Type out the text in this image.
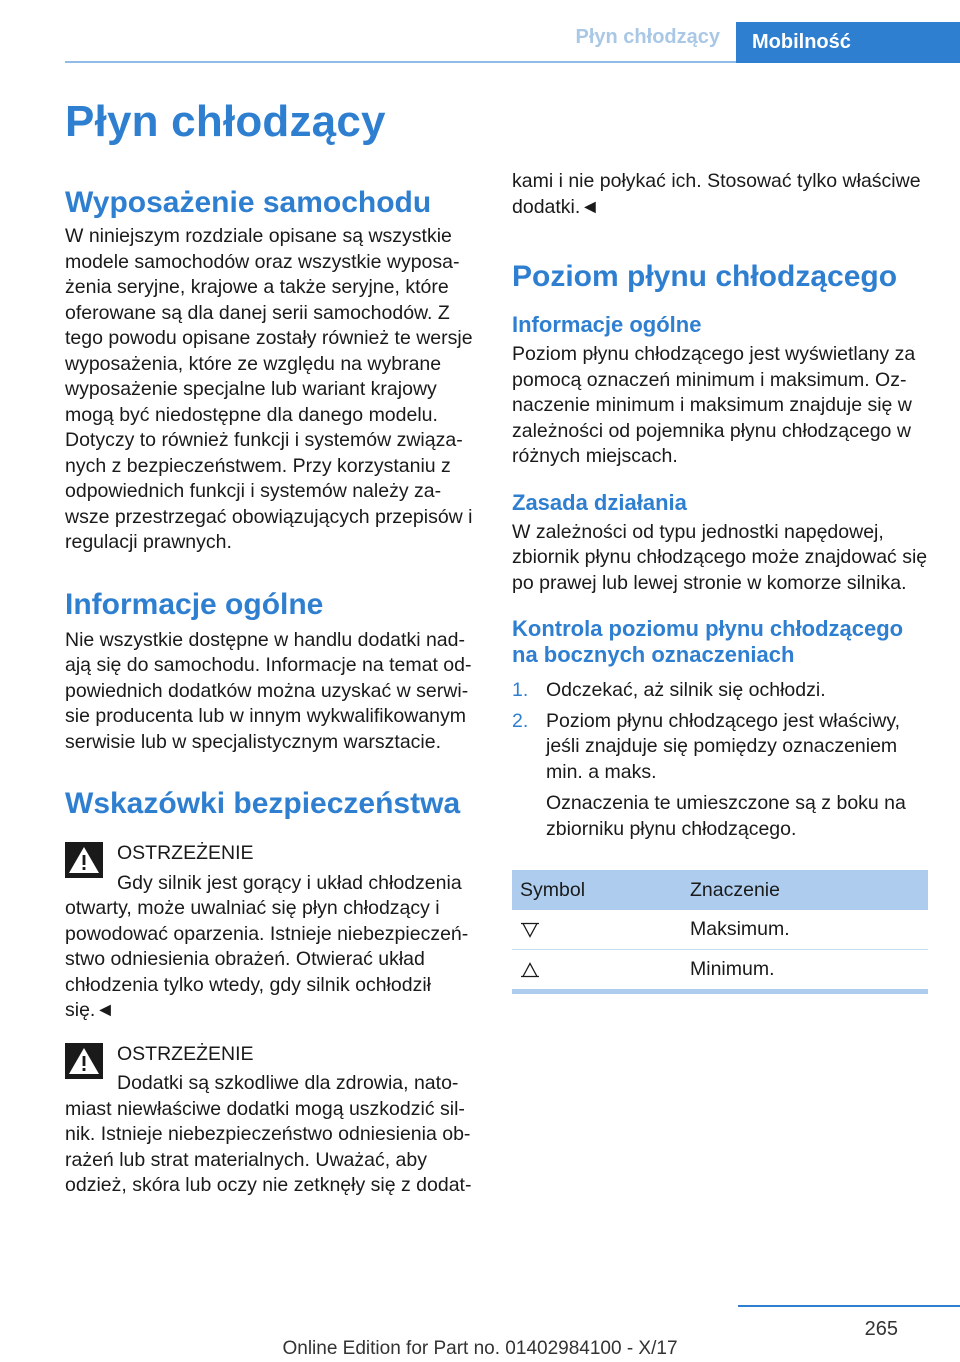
Płyn chłodzący	Mobilność
Płyn chłodzący
Wyposażenie samochodu

W niniejszym rozdziale opisane są wszystkie modele samochodów oraz wszystkie wyposażenia seryjne, krajowe a także seryjne, które oferowane są dla danej serii samochodów. Z tego powodu opisane zostały również te wersje wyposażenia, które ze względu na wybrane wyposażenie specjalne lub wariant krajowy mogą być niedostępne dla danego modelu. Dotyczy to również funkcji i systemów związanych z bezpieczeństwem. Przy korzystaniu z odpowiednich funkcji i systemów należy zawsze przestrzegać obowiązujących przepisów i regulacji prawnych.

Informacje ogólne

Nie wszystkie dostępne w handlu dodatki nadają się do samochodu. Informacje na temat odpowiednich dodatków można uzyskać w serwisie producenta lub w innym wykwalifikowanym serwisie lub w specjalistycznym warsztacie.

Wskazówki bezpieczeństwa
OSTRZEŻENIE

Gdy silnik jest gorący i układ chłodzenia otwarty, może uwalniać się płyn chłodzący i powodować oparzenia. Istnieje niebezpieczeństwo odniesienia obrażeń. Otwierać układ chłodzenia tylko wtedy, gdy silnik ochłodził się.◄

OSTRZEŻENIE

Dodatki są szkodliwe dla zdrowia, natomiast niewłaściwe dodatki mogą uszkodzić silnik. Istnieje niebezpieczeństwo odniesienia obrażeń lub strat materialnych. Uważać, aby odzież, skóra lub oczy nie zetknęły się z dodat-

kami i nie połykać ich. Stosować tylko właściwe dodatki.◄

Poziom płynu chłodzącego
Informacje ogólne

Poziom płynu chłodzącego jest wyświetlany za pomocą oznaczeń minimum i maksimum. Oznaczenie minimum i maksimum znajduje się w zależności od pojemnika płynu chłodzącego w różnych miejscach.

Zasada działania

W zależności od typu jednostki napędowej, zbiornik płynu chłodzącego może znajdować się po prawej lub lewej stronie w komorze silnika.

Kontrola poziomu płynu chłodzącego na bocznych oznaczeniach
1. Odczekać, aż silnik się ochłodzi.
2. Poziom płynu chłodzącego jest właściwy, jeśli znajduje się pomiędzy oznaczeniem min. a maks.
Oznaczenia te umieszczone są z boku na zbiorniku płynu chłodzącego.
Symbol	Znaczenie
	Maksimum.
	Minimum.
265
Online Edition for Part no. 01402984100 - X/17
